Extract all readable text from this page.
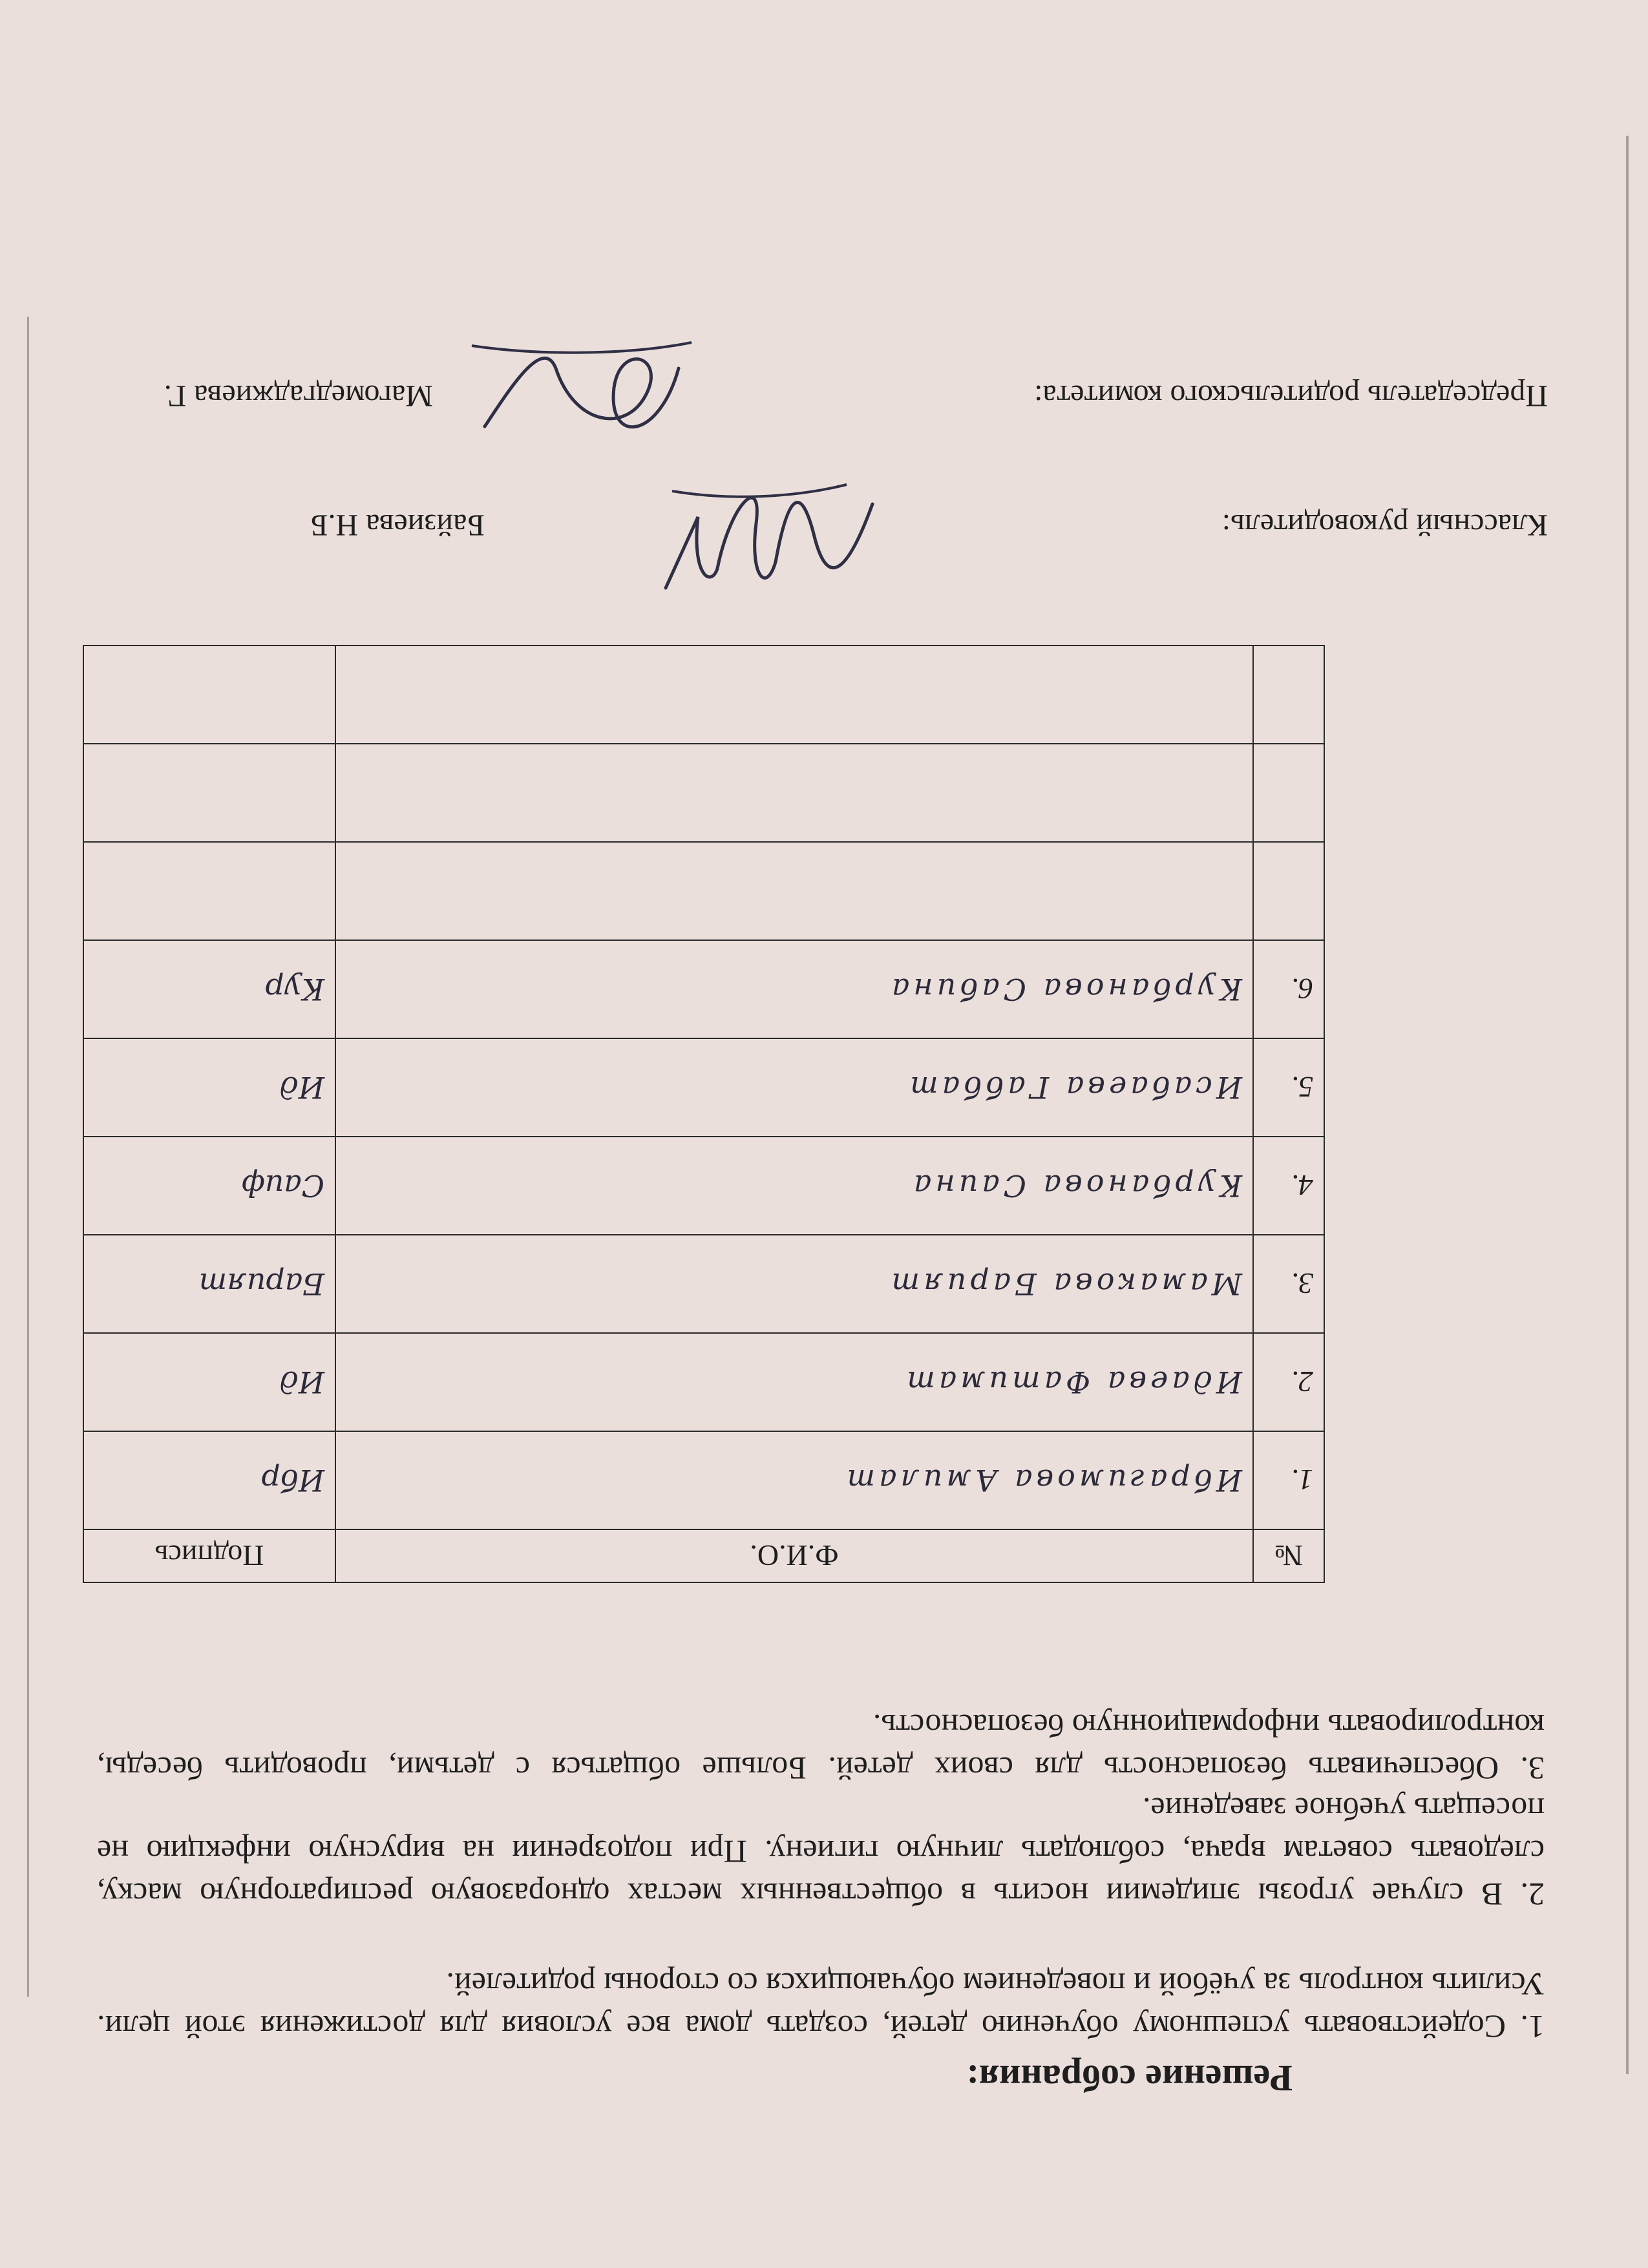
Решение собрания:

1. Содействовать успешному обучению детей, создать дома все условия для достижения этой цели. Усилить контроль за учёбой и поведением обучающихся со стороны родителей.

2. В случае угрозы эпидемии носить в общественных местах одноразовую респираторную маску, следовать советам врача, соблюдать личную гигиену. При подозрении на вирусную инфекцию не посещать учебное заведение.

3. Обеспечивать безопасность для своих детей. Больше общаться с детьми, проводить беседы, контролировать информационную безопасность.

№	Ф.И.О.	Подпись
1.	Ибрагимова Амилат	Ибр
2.	Идаева Фатимат	Ид
3.	Мамакова Барият	Барият
4.	Курбанова Саина	Саиф
5.	Исабаева Габбат	Ид
6.	Курбанова Сабина	Кур

Классный руководитель:
Байзиева Н.Б
Председатель родительского комитета:
Магомедгаджиева Г.
